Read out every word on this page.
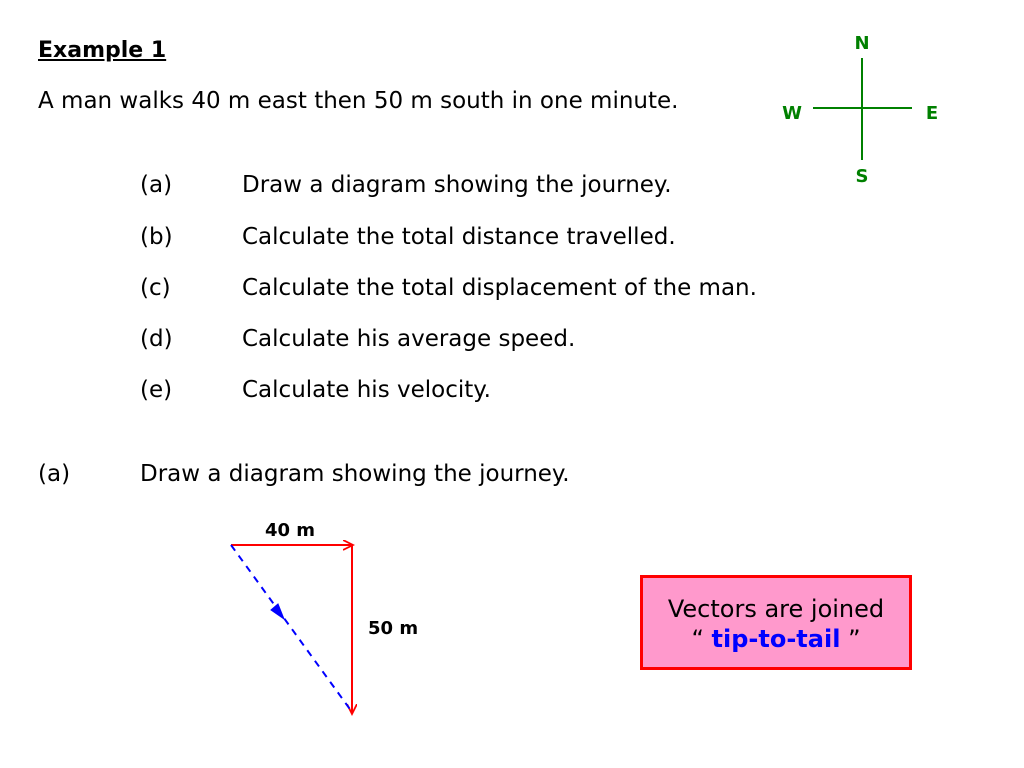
Example 1
A man walks 40 m east then 50 m south in one minute.
(a)	Draw a diagram showing the journey.
(b)	Calculate the total distance travelled.
(c)	Calculate the total displacement of the man.
(d)	Calculate his average speed.
(e)	Calculate his velocity.
(a)	Draw a diagram showing the journey.
N
S
W	E
40 m
50 m
Vectors are joined
“ tip-to-tail ”
